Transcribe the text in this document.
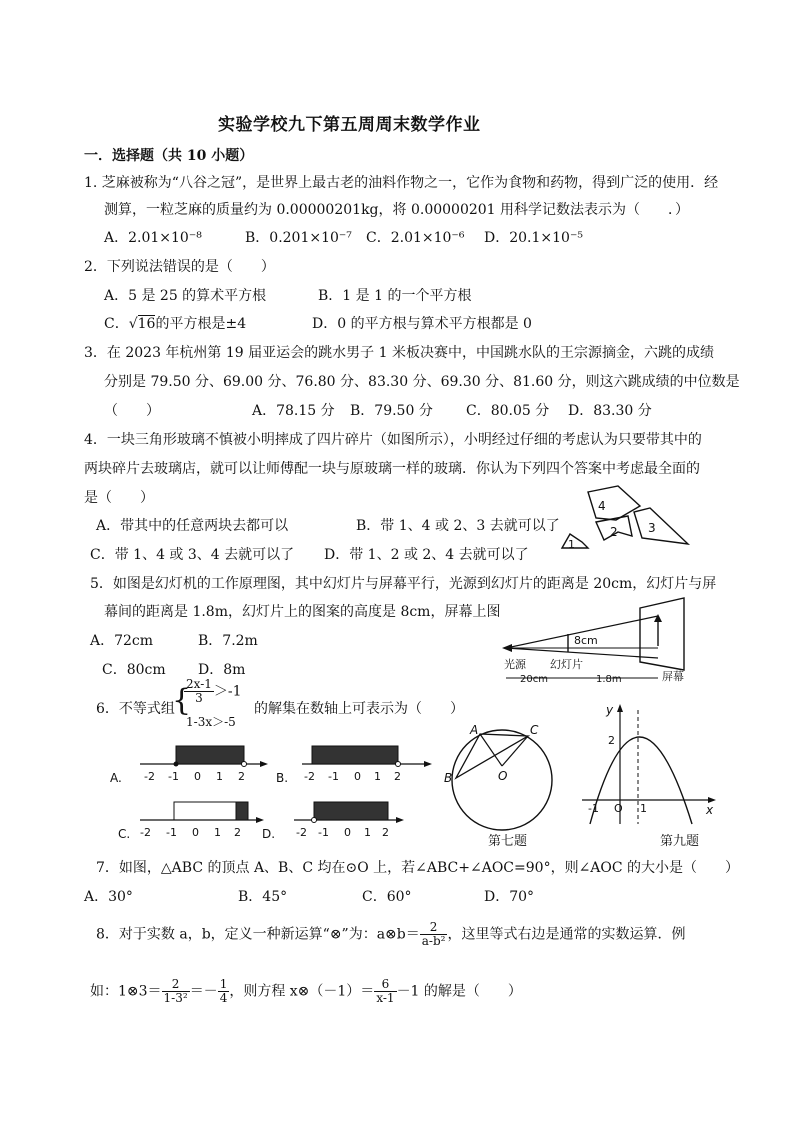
实验学校九下第五周周末数学作业
一．选择题（共 10 小题）
1. 芝麻被称为“八谷之冠”，是世界上最古老的油料作物之一，它作为食物和药物，得到广泛的使用．经
测算，一粒芝麻的质量约为 0.00000201kg，将 0.00000201 用科学记数法表示为（　　．）
A．2.01×10⁻⁸	B．0.201×10⁻⁷ C．2.01×10⁻⁶ D．20.1×10⁻⁵
2．下列说法错误的是（　　）
A．5 是 25 的算术平方根	B．1 是 1 的一个平方根
C．√16的平方根是±4	D．0 的平方根与算术平方根都是 0
3．在 2023 年杭州第 19 届亚运会的跳水男子 1 米板决赛中，中国跳水队的王宗源摘金，六跳的成绩
分别是 79.50 分、69.00 分、76.80 分、83.30 分、69.30 分、81.60 分，则这六跳成绩的中位数是
（　　）	A．78.15 分 B．79.50 分 C．80.05 分 D．83.30 分
4．一块三角形玻璃不慎被小明摔成了四片碎片（如图所示），小明经过仔细的考虑认为只要带其中的
两块碎片去玻璃店，就可以让师傅配一块与原玻璃一样的玻璃．你认为下列四个答案中考虑最全面的
是（　　）
A．带其中的任意两块去都可以	B．带 1、4 或 2、3 去就可以了
C．带 1、4 或 3、4 去就可以了 D．带 1、2 或 2、4 去就可以了
4
2	3
1
5．如图是幻灯机的工作原理图，其中幻灯片与屏幕平行，光源到幻灯片的距离是 20cm，幻灯片与屏
幕间的距离是 1.8m，幻灯片上的图案的高度是 8cm，屏幕上图
A．72cm	B．7.2m
C．80cm D．8m
8cm
光源 幻灯片
屏幕
20cm	1.8m
6．不等式组
{
$\frac{2x-1}{3} >-1$
1-3x＞-5
的解集在数轴上可表示为（　　）
A. -2 -1 0 1 2	B. -2 -1 0 1 2
C. -2 -1 0 1 2 D. -2 -1 0 1 2
A	C
B	O
第七题
y
x
2
-1 O 1
第九题
7．如图，△ABC 的顶点 A、B、C 均在⊙O 上，若∠ABC+∠AOC=90°，则∠AOC 的大小是（　　）
A．30°	B．45°	C．60°	D．70°
8．对于实数 a，b，定义一种新运算“⊗”为：a⊗b＝ $\frac{2}{\text{a-b²}}$ ，这里等式右边是通常的实数运算．例
如：1⊗3＝ $\frac{2}{\text{1-3²}} =- \frac{1}{4}$ ，则方程 x⊗（－1）＝ $\frac{6}{x-1} -1$ 的解是（　　）
